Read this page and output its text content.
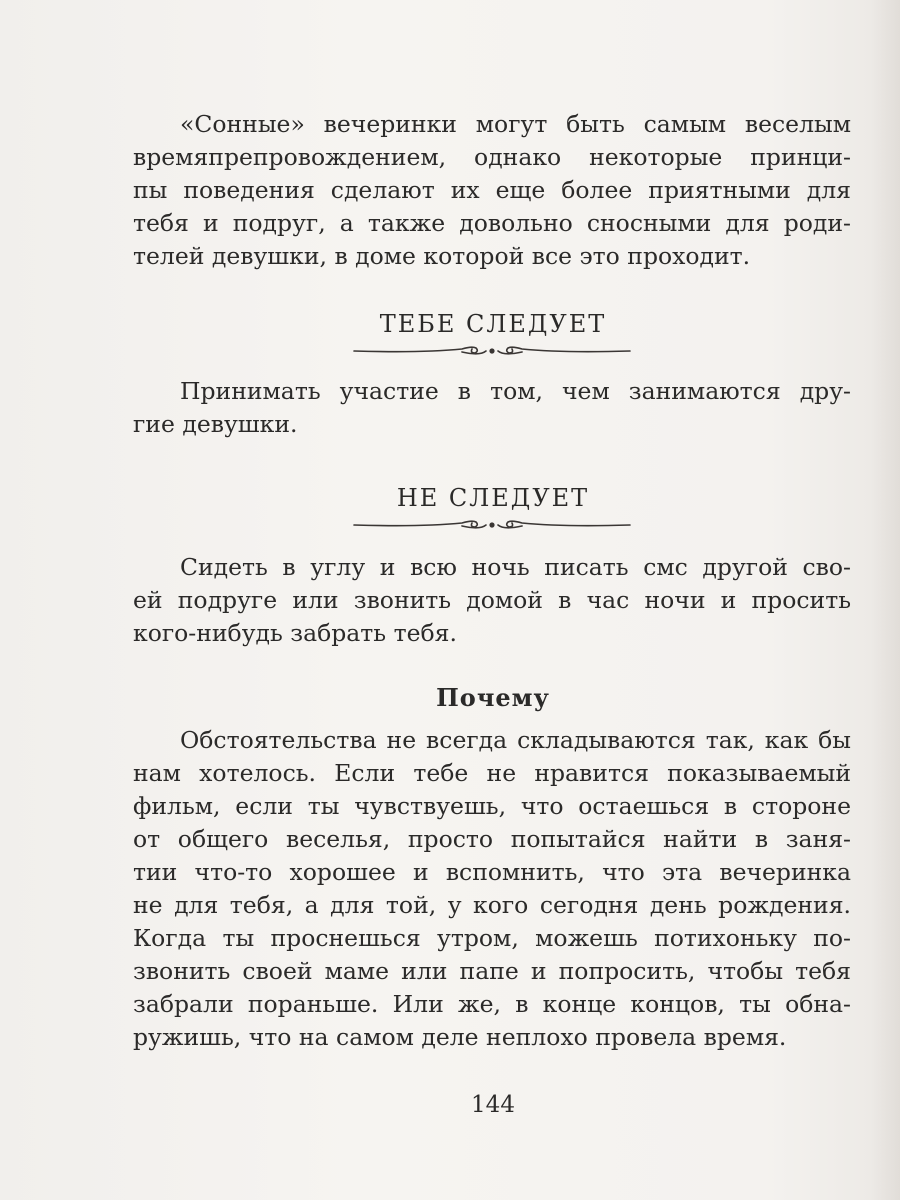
«Сонные» вечеринки могут быть самым веселым
времяпрепровождением, однако некоторые принци-
пы поведения сделают их еще более приятными для
тебя и подруг, а также довольно сносными для роди-
телей девушки, в доме которой все это проходит.
ТЕБЕ СЛЕДУЕТ
Принимать участие в том, чем занимаются дру-
гие девушки.
НЕ СЛЕДУЕТ
Сидеть в углу и всю ночь писать смс другой сво-
ей подруге или звонить домой в час ночи и просить
кого-нибудь забрать тебя.
Почему
Обстоятельства не всегда складываются так, как бы
нам хотелось. Если тебе не нравится показываемый
фильм, если ты чувствуешь, что остаешься в стороне
от общего веселья, просто попытайся найти в заня-
тии что-то хорошее и вспомнить, что эта вечеринка
не для тебя, а для той, у кого сегодня день рождения.
Когда ты проснешься утром, можешь потихоньку по-
звонить своей маме или папе и попросить, чтобы тебя
забрали пораньше. Или же, в конце концов, ты обна-
ружишь, что на самом деле неплохо провела время.
144
